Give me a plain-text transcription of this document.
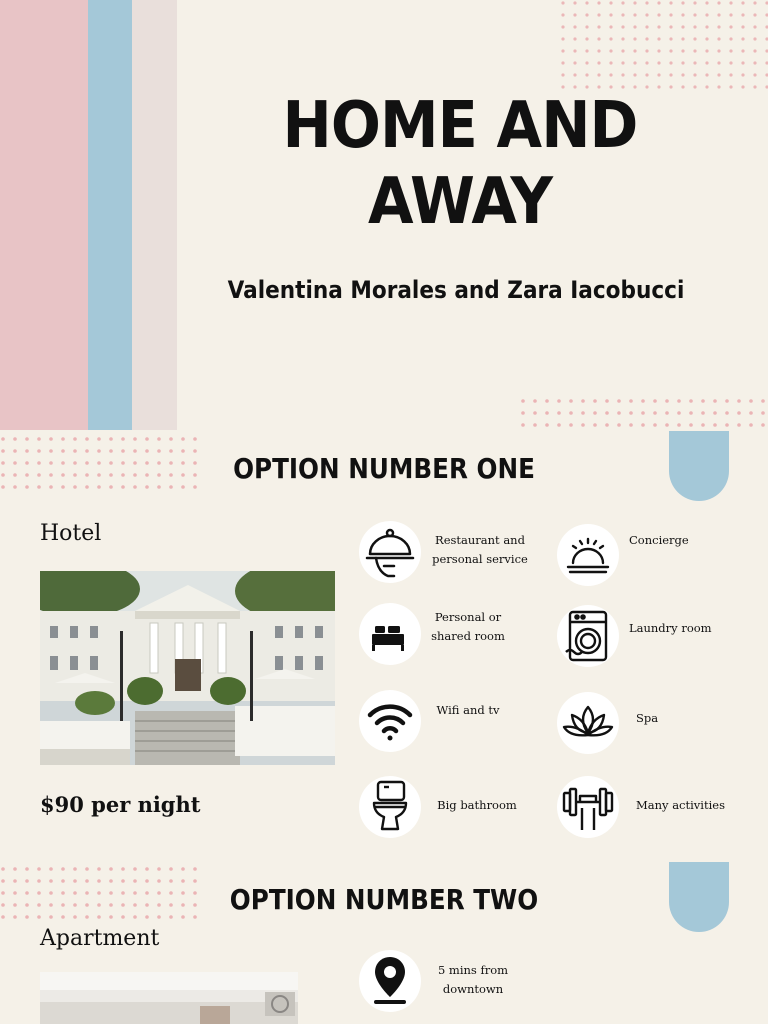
HOME AND AWAY
Valentina Morales and Zara Iacobucci
OPTION NUMBER ONE
Hotel
$90 per night
Restaurant and personal service
Concierge
Personal or shared room
Laundry room
Wifi and tv
Spa
Big bathroom	Many activities
OPTION NUMBER TWO
Apartment
5 mins from downtown
